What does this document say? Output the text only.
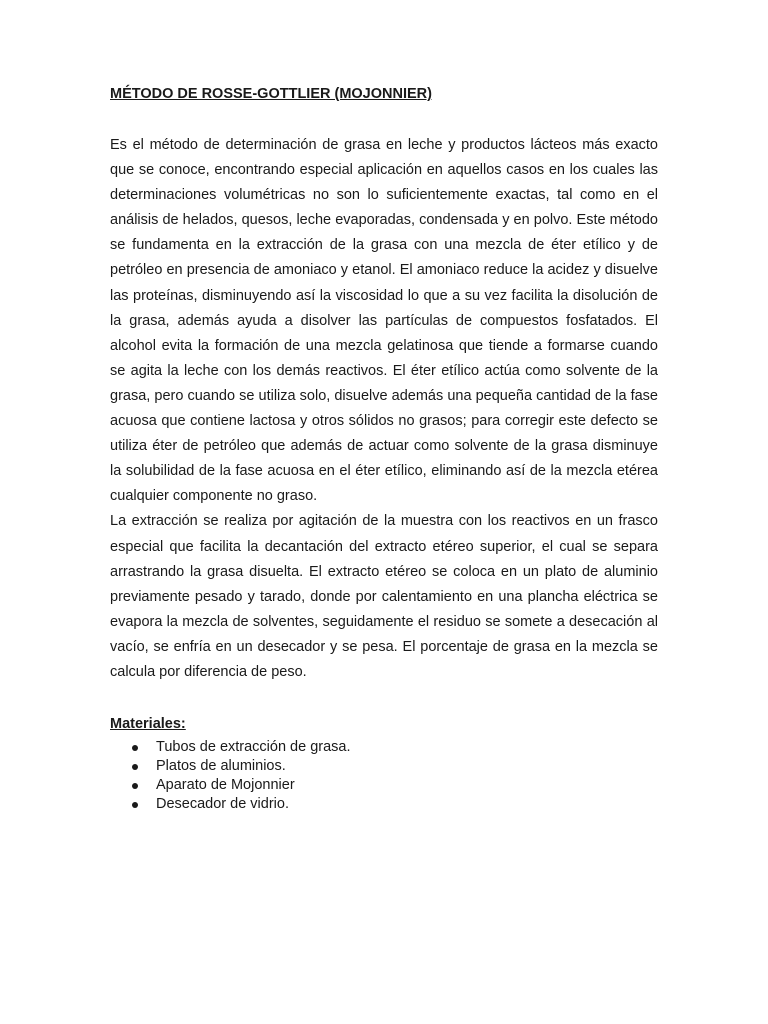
MÉTODO DE ROSSE-GOTTLIER (MOJONNIER)

Es el método de determinación de grasa en leche y productos lácteos más exacto que se conoce, encontrando especial aplicación en aquellos casos en los cuales las determinaciones volumétricas no son lo suficientemente exactas, tal como en el análisis de helados, quesos, leche evaporadas, condensada y en polvo. Este método se fundamenta en la extracción de la grasa con una mezcla de éter etílico y de petróleo en presencia de amoniaco y etanol. El amoniaco reduce la acidez y disuelve las proteínas, disminuyendo así la viscosidad lo que a su vez facilita la disolución de la grasa, además ayuda a disolver las partículas de compuestos fosfatados. El alcohol evita la formación de una mezcla gelatinosa que tiende a formarse cuando se agita la leche con los demás reactivos. El éter etílico actúa como solvente de la grasa, pero cuando se utiliza solo, disuelve además una pequeña cantidad de la fase acuosa que contiene lactosa y otros sólidos no grasos; para corregir este defecto se utiliza éter de petróleo que además de actuar como solvente de la grasa disminuye la solubilidad de la fase acuosa en el éter etílico, eliminando así de la mezcla etérea cualquier componente no graso.

La extracción se realiza por agitación de la muestra con los reactivos en un frasco especial que facilita la decantación del extracto etéreo superior, el cual se separa arrastrando la grasa disuelta. El extracto etéreo se coloca en un plato de aluminio previamente pesado y tarado, donde por calentamiento en una plancha eléctrica se evapora la mezcla de solventes, seguidamente el residuo se somete a desecación al vacío, se enfría en un desecador y se pesa. El porcentaje de grasa en la mezcla se calcula por diferencia de peso.

Materiales:
Tubos de extracción de grasa.
Platos de aluminios.
Aparato de Mojonnier
Desecador de vidrio.
